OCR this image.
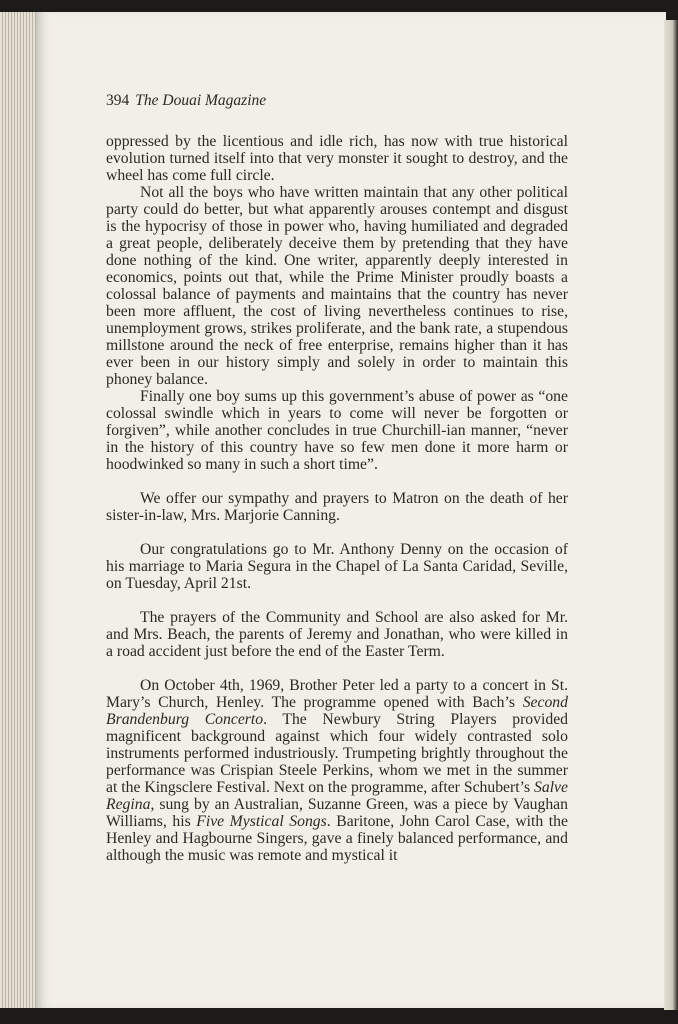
394 The Douai Magazine

oppressed by the licentious and idle rich, has now with true historical evolution turned itself into that very monster it sought to destroy, and the wheel has come full circle.

Not all the boys who have written maintain that any other political party could do better, but what apparently arouses contempt and disgust is the hypocrisy of those in power who, having humiliated and degraded a great people, deliberately deceive them by pretending that they have done nothing of the kind. One writer, apparently deeply interested in economics, points out that, while the Prime Minister proudly boasts a colossal balance of payments and maintains that the country has never been more affluent, the cost of living nevertheless continues to rise, unemployment grows, strikes proliferate, and the bank rate, a stupendous millstone around the neck of free enterprise, remains higher than it has ever been in our history simply and solely in order to maintain this phoney balance.

Finally one boy sums up this government’s abuse of power as “one colossal swindle which in years to come will never be forgotten or forgiven”, while another concludes in true Churchill-ian manner, “never in the history of this country have so few men done it more harm or hoodwinked so many in such a short time”.

We offer our sympathy and prayers to Matron on the death of her sister-in-law, Mrs. Marjorie Canning.

Our congratulations go to Mr. Anthony Denny on the occasion of his marriage to Maria Segura in the Chapel of La Santa Caridad, Seville, on Tuesday, April 21st.

The prayers of the Community and School are also asked for Mr. and Mrs. Beach, the parents of Jeremy and Jonathan, who were killed in a road accident just before the end of the Easter Term.

On October 4th, 1969, Brother Peter led a party to a concert in St. Mary’s Church, Henley. The programme opened with Bach’s Second Brandenburg Concerto. The Newbury String Players provided magnificent background against which four widely contrasted solo instruments performed industriously. Trumpeting brightly throughout the performance was Crispian Steele Perkins, whom we met in the summer at the Kingsclere Festival. Next on the programme, after Schubert’s Salve Regina, sung by an Australian, Suzanne Green, was a piece by Vaughan Williams, his Five Mystical Songs. Baritone, John Carol Case, with the Henley and Hagbourne Singers, gave a finely balanced performance, and although the music was remote and mystical it
